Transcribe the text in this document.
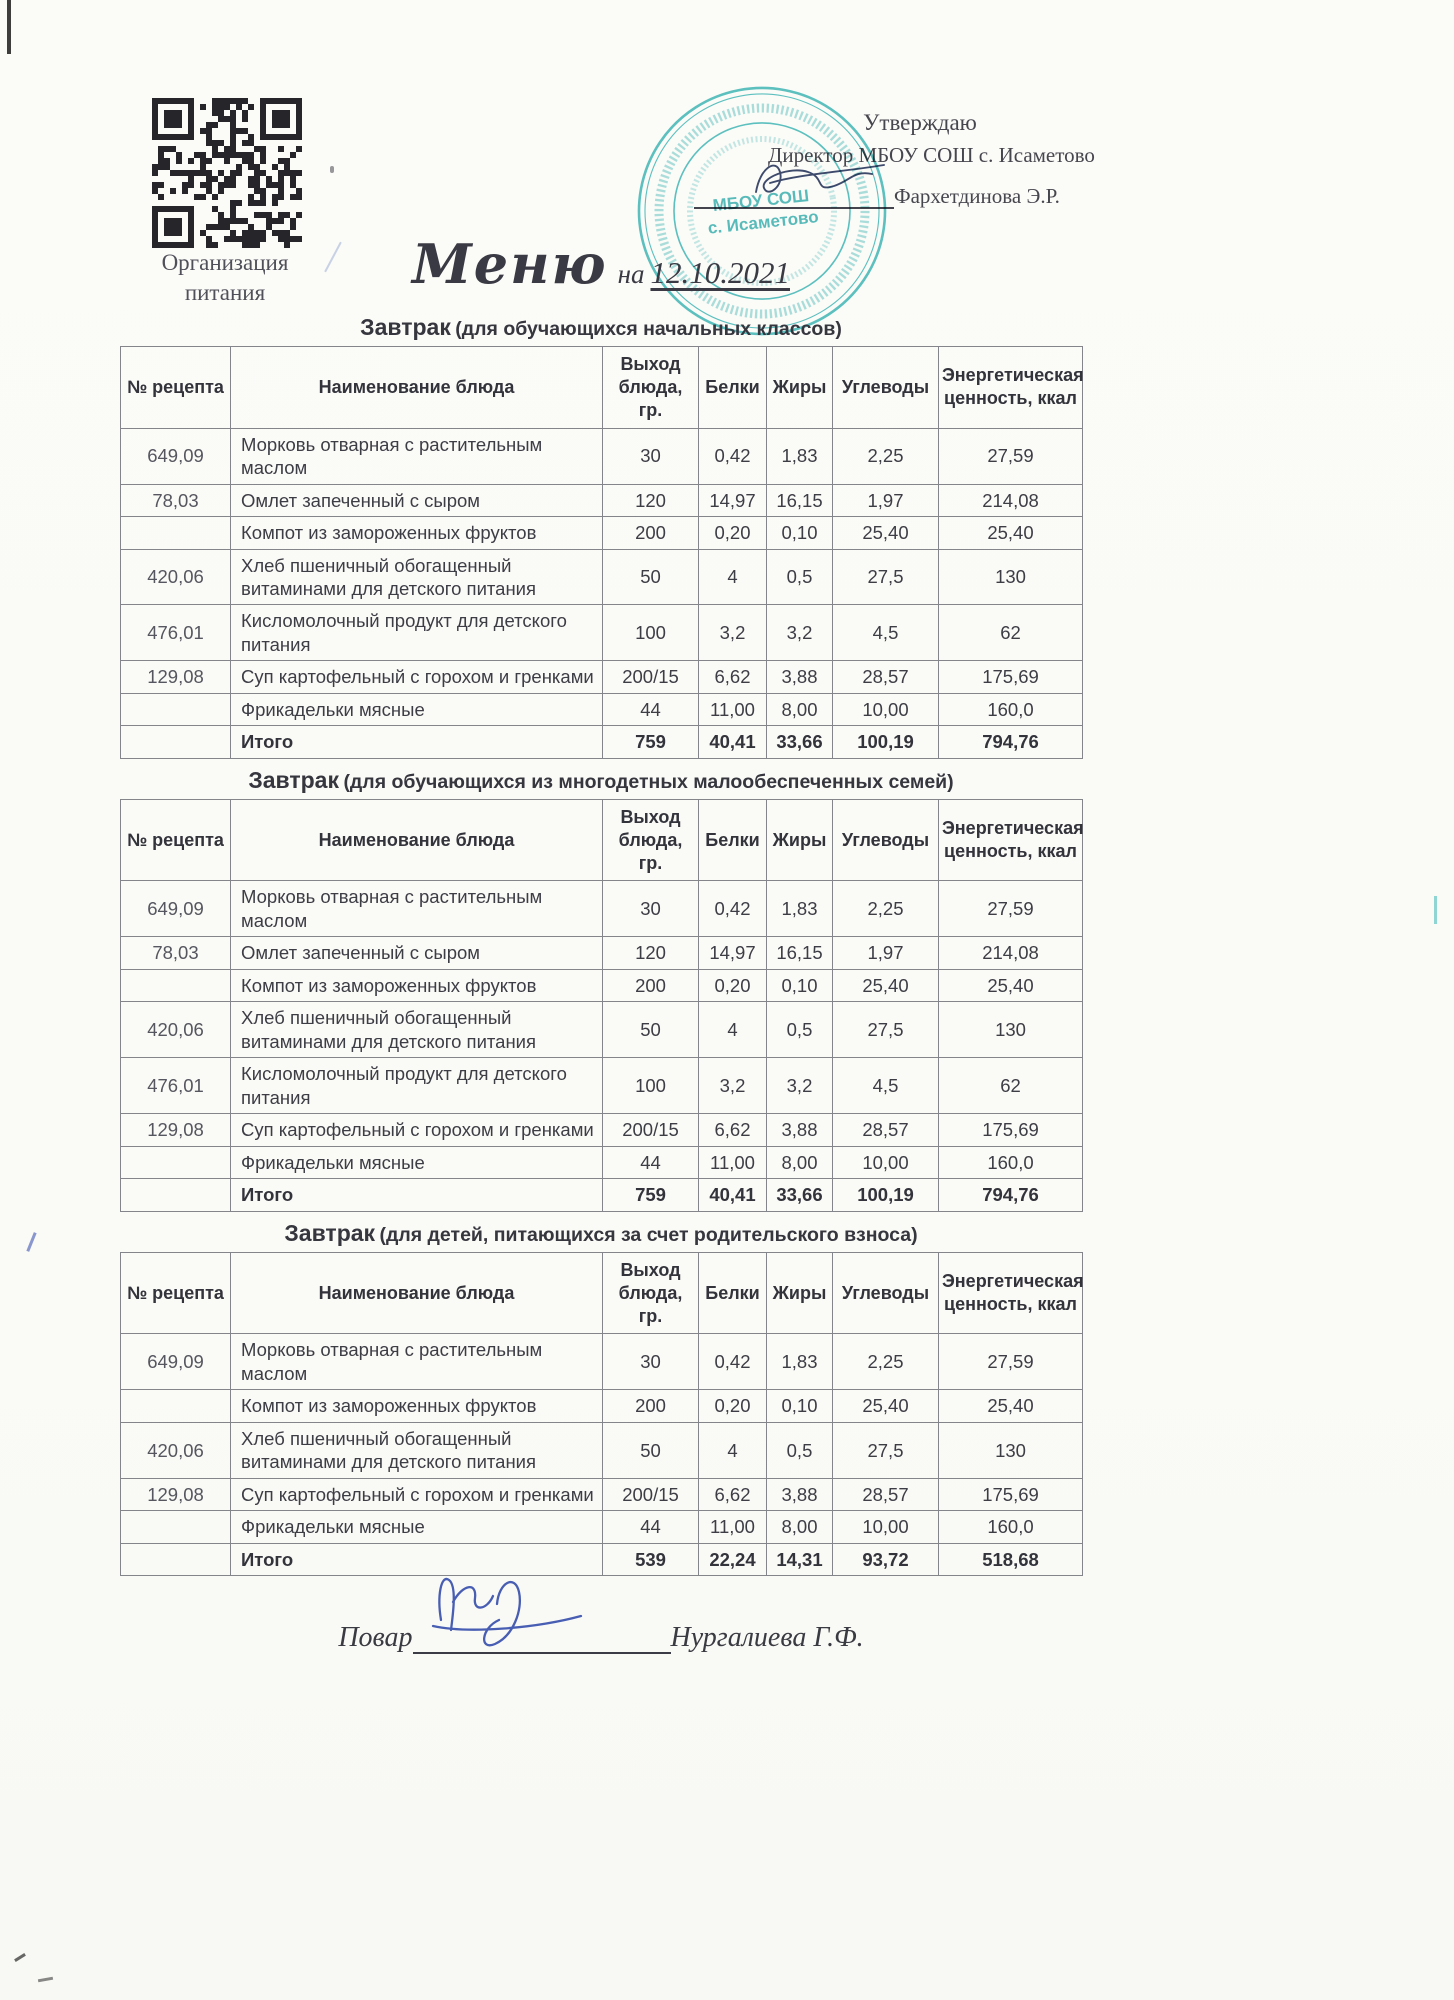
Организация
питания
Утверждаю
Директор МБОУ СОШ с. Исаметово
Фархетдинова Э.Р.
МБОУ СОШ
с. Исаметово
Меню на 12.10.2021
Завтрак (для обучающихся начальных классов)
№ рецепта	Наименование блюда	Выход блюда, гр.	Белки	Жиры	Углеводы	Энергетическая ценность, ккал
649,09	Морковь отварная с растительным маслом	30	0,42	1,83	2,25	27,59
78,03	Омлет запеченный с сыром	120	14,97	16,15	1,97	214,08
	Компот из замороженных фруктов	200	0,20	0,10	25,40	25,40
420,06	Хлеб пшеничный обогащенный витаминами для детского питания	50	4	0,5	27,5	130
476,01	Кисломолочный продукт для детского питания	100	3,2	3,2	4,5	62
129,08	Суп картофельный с горохом и гренками	200/15	6,62	3,88	28,57	175,69
	Фрикадельки мясные	44	11,00	8,00	10,00	160,0
	Итого	759	40,41	33,66	100,19	794,76
Завтрак (для обучающихся из многодетных малообеспеченных семей)
№ рецепта	Наименование блюда	Выход блюда, гр.	Белки	Жиры	Углеводы	Энергетическая ценность, ккал
649,09	Морковь отварная с растительным маслом	30	0,42	1,83	2,25	27,59
78,03	Омлет запеченный с сыром	120	14,97	16,15	1,97	214,08
	Компот из замороженных фруктов	200	0,20	0,10	25,40	25,40
420,06	Хлеб пшеничный обогащенный витаминами для детского питания	50	4	0,5	27,5	130
476,01	Кисломолочный продукт для детского питания	100	3,2	3,2	4,5	62
129,08	Суп картофельный с горохом и гренками	200/15	6,62	3,88	28,57	175,69
	Фрикадельки мясные	44	11,00	8,00	10,00	160,0
	Итого	759	40,41	33,66	100,19	794,76
Завтрак (для детей, питающихся за счет родительского взноса)
№ рецепта	Наименование блюда	Выход блюда, гр.	Белки	Жиры	Углеводы	Энергетическая ценность, ккал
649,09	Морковь отварная с растительным маслом	30	0,42	1,83	2,25	27,59
	Компот из замороженных фруктов	200	0,20	0,10	25,40	25,40
420,06	Хлеб пшеничный обогащенный витаминами для детского питания	50	4	0,5	27,5	130
129,08	Суп картофельный с горохом и гренками	200/15	6,62	3,88	28,57	175,69
	Фрикадельки мясные	44	11,00	8,00	10,00	160,0
	Итого	539	22,24	14,31	93,72	518,68
Повар	Нургалиева Г.Ф.
